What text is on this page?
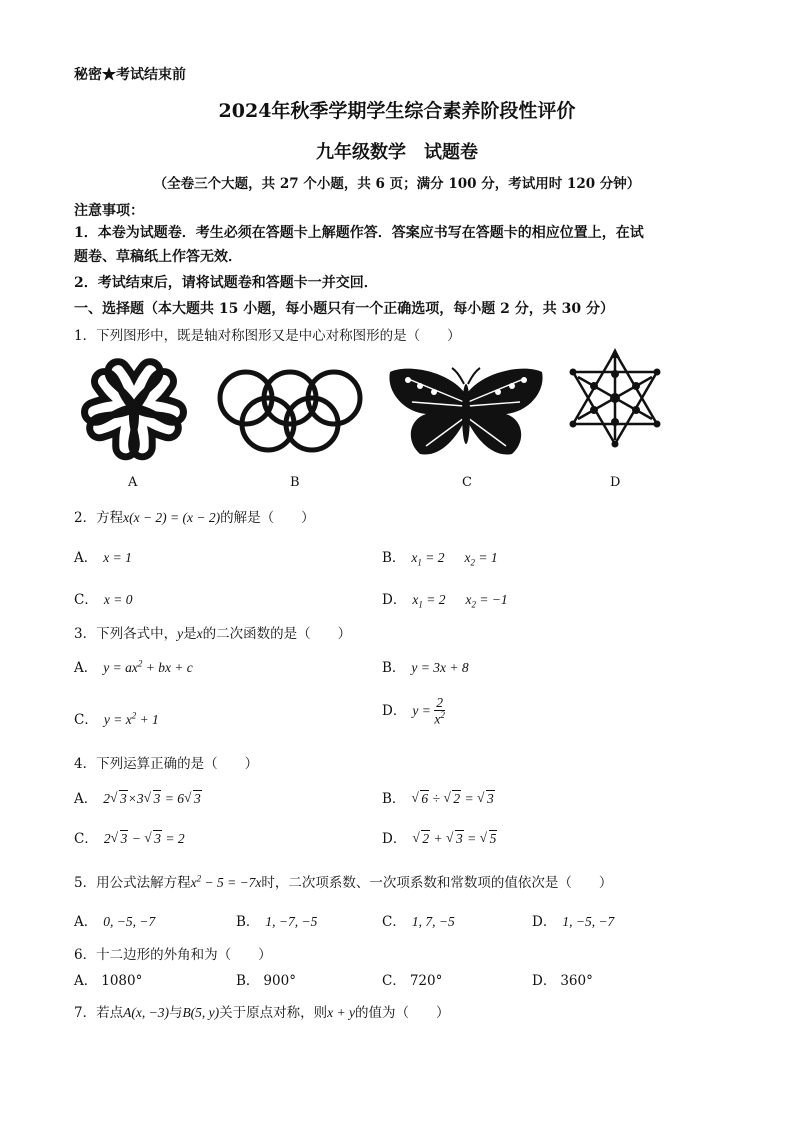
秘密★考试结束前
2024年秋季学期学生综合素养阶段性评价
九年级数学　试题卷
（全卷三个大题，共 27 个小题，共 6 页；满分 100 分，考试用时 120 分钟）
注意事项：
1．本卷为试题卷．考生必须在答题卡上解题作答．答案应书写在答题卡的相应位置上，在试
题卷、草稿纸上作答无效．
2．考试结束后，请将试题卷和答题卡一并交回．
一、选择题（本大题共 15 小题，每小题只有一个正确选项，每小题 2 分，共 30 分）
1．下列图形中，既是轴对称图形又是中心对称图形的是（　　）
A	B	C	D
2．方程x(x − 2) = (x − 2)的解是（　　）
A． x = 1	B． $x_1 = 2$ $x_2 = 1$
C． x = 0	D． $x_1 = 2$ $x_2 = -1$
3．下列各式中，y是x的二次函数的是（　　）
A． $y = ax^2$ + bx + c	B． y = 3x + 8
C． $y = x^2 + 1$
D． $y = \frac{2}{x^2}$
4．下列运算正确的是（　　）
A． 2 √ 3×3 √ 3 = 6 √ 3	B． √ 6 ÷ √ 2 = √ 3
C． 2 √ 3 − √ 3 = 2	D． √ 2 + √ 3 = √ 5
5．用公式法解方程$x^2 - 5 = -7x$时，二次项系数、一次项系数和常数项的值依次是（　　）
A． 0, −5, −7	B． 1, −7, −5	C． 1, 7, −5	D． 1, −5, −7
6．十二边形的外角和为（　　）
A． 1080°	B． 900°	C． 720°	D． 360°
7．若点A(x, −3)与B(5, y)关于原点对称，则x + y的值为（　　）
